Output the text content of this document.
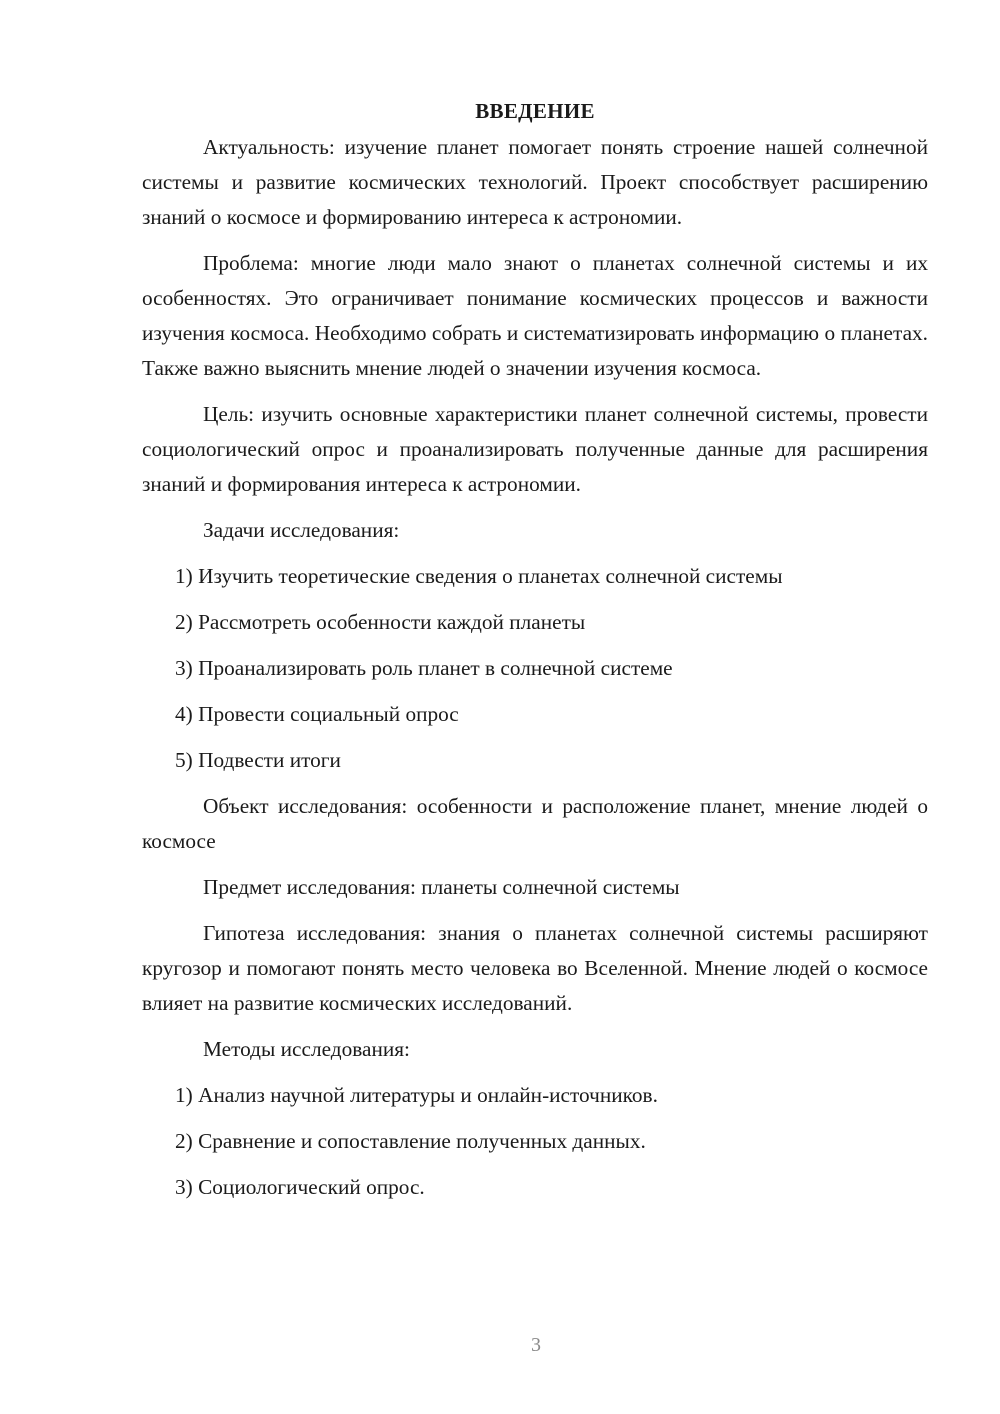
ВВЕДЕНИЕ

Актуальность: изучение планет помогает понять строение нашей солнечной системы и развитие космических технологий. Проект способствует расширению знаний о космосе и формированию интереса к астрономии.

Проблема: многие люди мало знают о планетах солнечной системы и их особенностях. Это ограничивает понимание космических процессов и важности изучения космоса. Необходимо собрать и систематизировать информацию о планетах. Также важно выяснить мнение людей о значении изучения космоса.

Цель: изучить основные характеристики планет солнечной системы, провести социологический опрос и проанализировать полученные данные для расширения знаний и формирования интереса к астрономии.

Задачи исследования:

1) Изучить теоретические сведения о планетах солнечной системы

2) Рассмотреть особенности каждой планеты

3) Проанализировать роль планет в солнечной системе

4) Провести социальный опрос

5) Подвести итоги

Объект исследования: особенности и расположение планет, мнение людей о космосе

Предмет исследования: планеты солнечной системы

Гипотеза исследования: знания о планетах солнечной системы расширяют кругозор и помогают понять место человека во Вселенной. Мнение людей о космосе влияет на развитие космических исследований.

Методы исследования:

1) Анализ научной литературы и онлайн-источников.

2) Сравнение и сопоставление полученных данных.

3) Социологический опрос.

3
